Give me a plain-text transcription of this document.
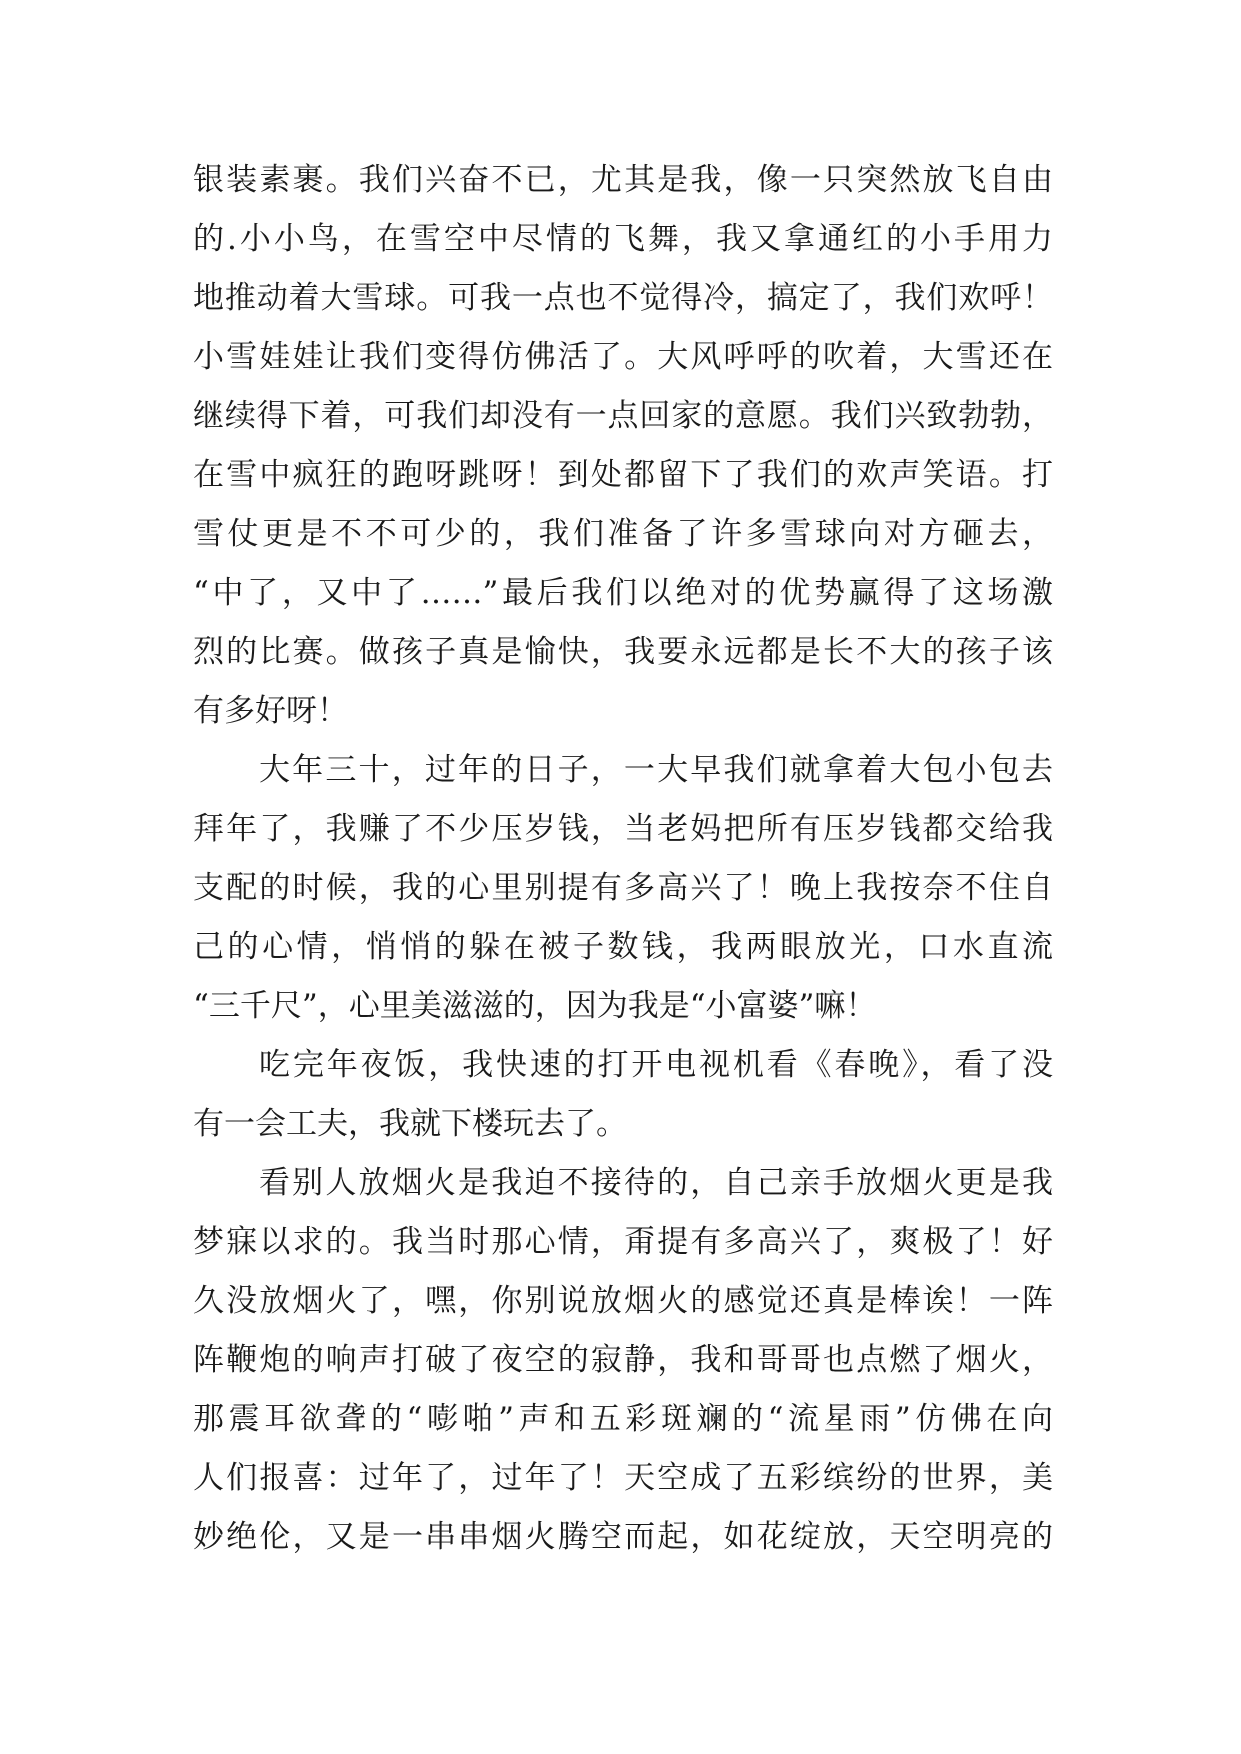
银装素裹。我们兴奋不已，尤其是我，像一只突然放飞自由
的.小小鸟，在雪空中尽情的飞舞，我又拿通红的小手用力
地推动着大雪球。可我一点也不觉得冷，搞定了，我们欢呼！
小雪娃娃让我们变得仿佛活了。大风呼呼的吹着，大雪还在
继续得下着，可我们却没有一点回家的意愿。我们兴致勃勃，
在雪中疯狂的跑呀跳呀！到处都留下了我们的欢声笑语。打
雪仗更是不不可少的，我们准备了许多雪球向对方砸去，
“中了，又中了……”最后我们以绝对的优势赢得了这场激
烈的比赛。做孩子真是愉快，我要永远都是长不大的孩子该
有多好呀！
大年三十，过年的日子，一大早我们就拿着大包小包去
拜年了，我赚了不少压岁钱，当老妈把所有压岁钱都交给我
支配的时候，我的心里别提有多高兴了！晚上我按奈不住自
己的心情，悄悄的躲在被子数钱，我两眼放光，口水直流
“三千尺”，心里美滋滋的，因为我是“小富婆”嘛！
吃完年夜饭，我快速的打开电视机看《春晚》，看了没
有一会工夫，我就下楼玩去了。
看别人放烟火是我迫不接待的，自己亲手放烟火更是我
梦寐以求的。我当时那心情，甭提有多高兴了，爽极了！好
久没放烟火了，嘿，你别说放烟火的感觉还真是棒诶！一阵
阵鞭炮的响声打破了夜空的寂静，我和哥哥也点燃了烟火，
那震耳欲聋的“嘭啪”声和五彩斑斓的“流星雨”仿佛在向
人们报喜：过年了，过年了！天空成了五彩缤纷的世界，美
妙绝伦，又是一串串烟火腾空而起，如花绽放，天空明亮的
